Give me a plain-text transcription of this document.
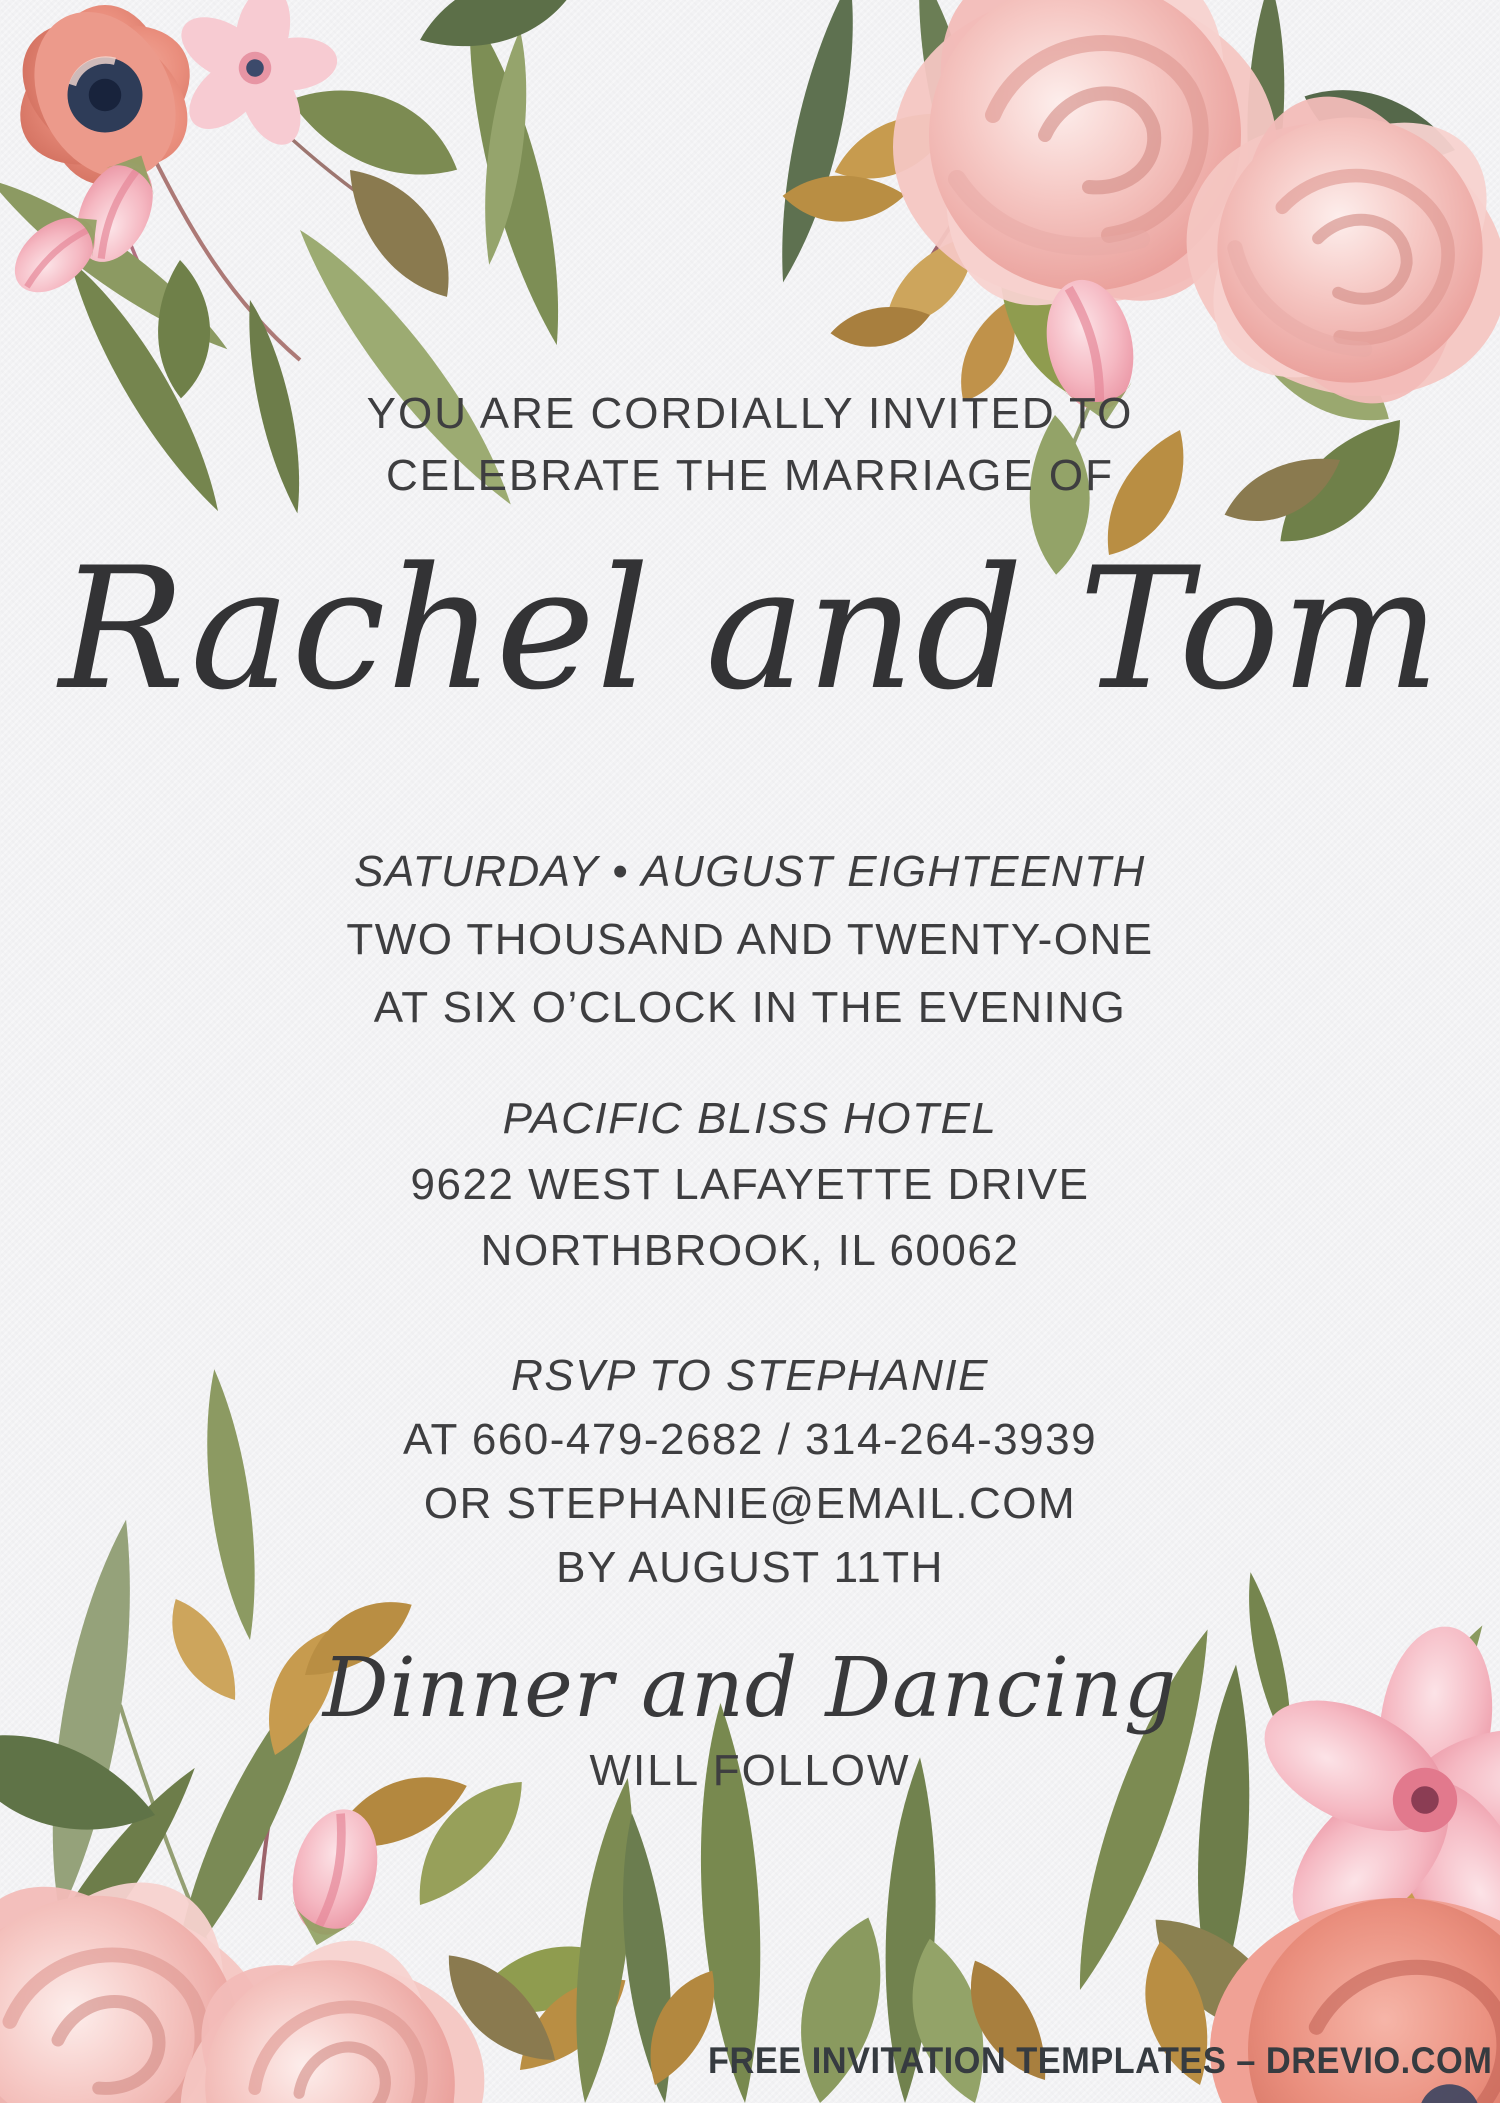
YOU ARE CORDIALLY INVITED TO
CELEBRATE THE MARRIAGE OF
Rachel and Tom
SATURDAY • AUGUST EIGHTEENTH
TWO THOUSAND AND TWENTY-ONE
AT SIX O’CLOCK IN THE EVENING
PACIFIC BLISS HOTEL
9622 WEST LAFAYETTE DRIVE
NORTHBROOK, IL 60062
RSVP TO STEPHANIE
AT 660-479-2682 / 314-264-3939
OR STEPHANIE@EMAIL.COM
BY AUGUST 11TH
Dinner and Dancing
WILL FOLLOW
FREE INVITATION TEMPLATES – DREVIO.COM
